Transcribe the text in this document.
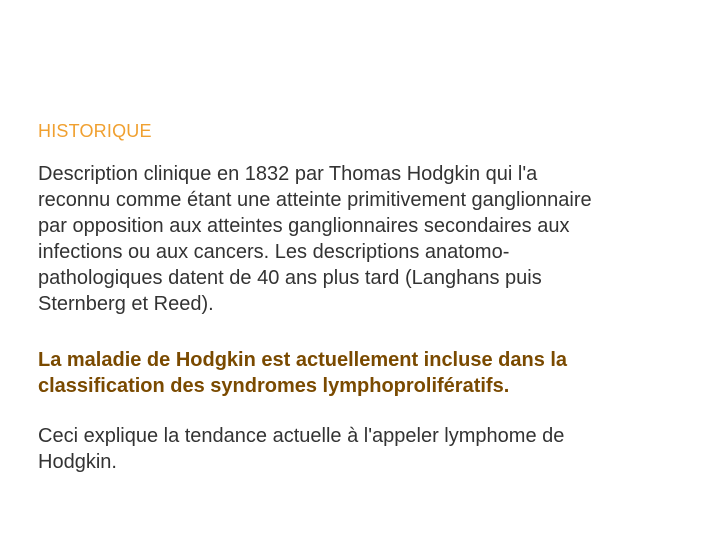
HISTORIQUE

Description clinique en 1832 par Thomas Hodgkin qui l'a
reconnu comme étant une atteinte primitivement ganglionnaire
par opposition aux atteintes ganglionnaires secondaires aux
infections ou aux cancers. Les descriptions anatomo-
pathologiques datent de 40 ans plus tard (Langhans puis
Sternberg et Reed).

La maladie de Hodgkin est actuellement incluse dans la
classification des syndromes lymphoprolifératifs.

Ceci explique la tendance actuelle à l'appeler lymphome de
Hodgkin.
